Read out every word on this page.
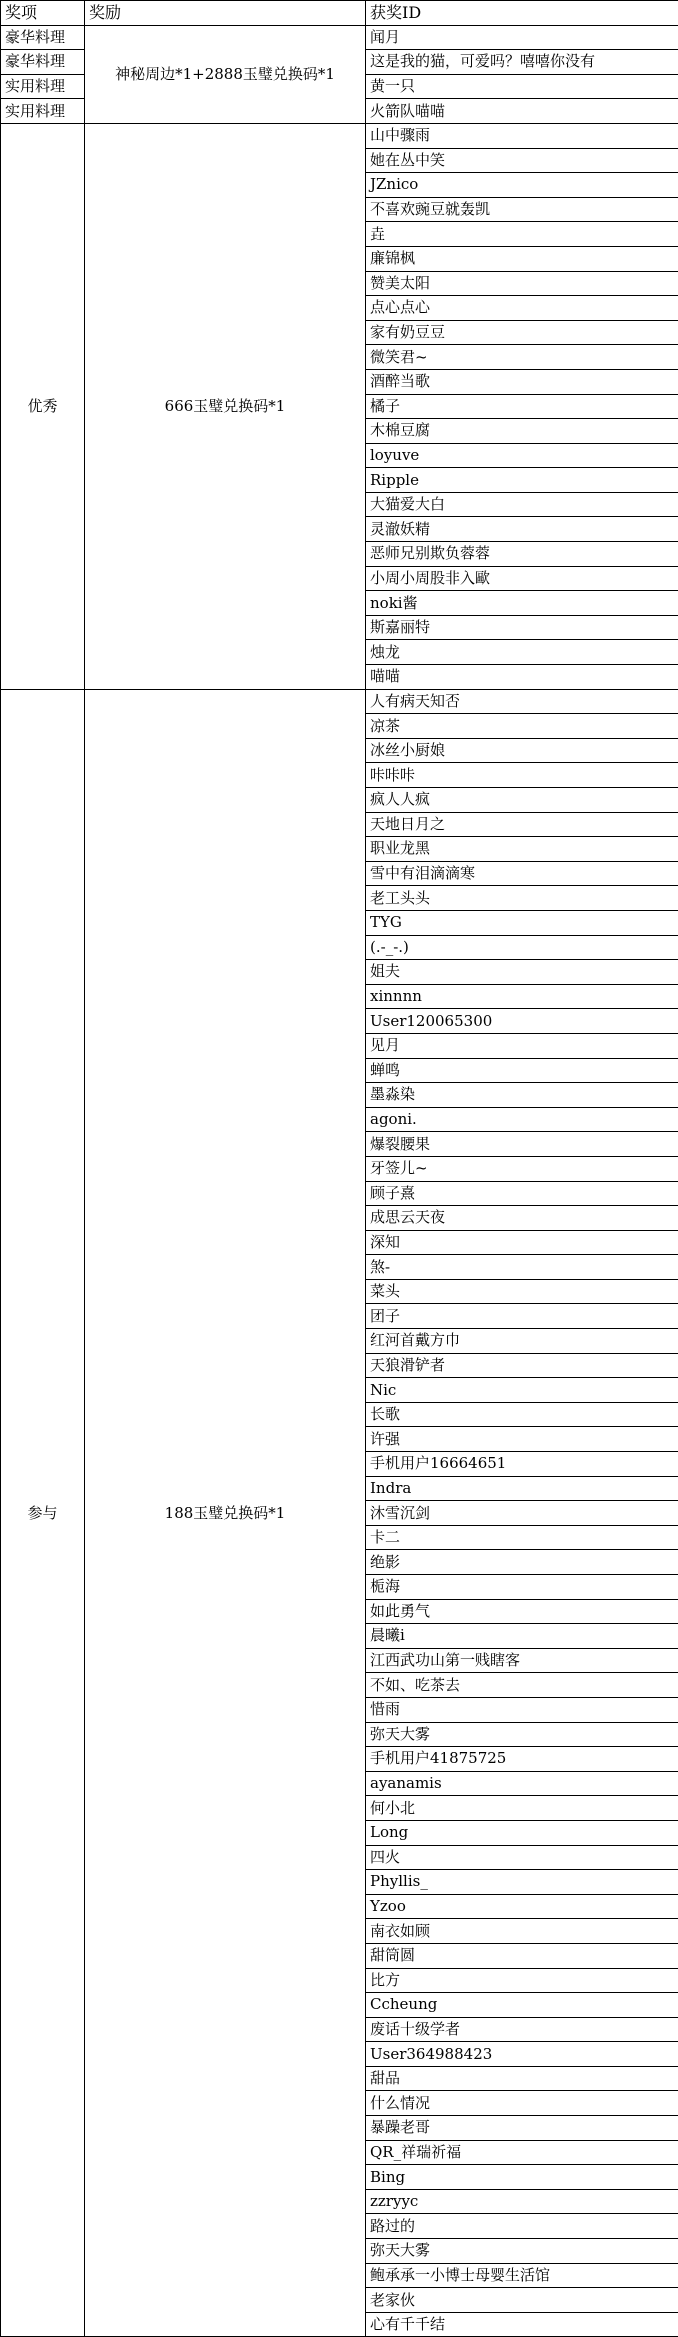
奖项	奖励	获奖ID
豪华料理	神秘周边*1+2888玉璧兑换码*1	闻月
豪华料理		这是我的猫，可爱吗？嘻嘻你没有
实用料理		黄一只
实用料理		火箭队喵喵
优秀	666玉璧兑换码*1	山中骤雨
		她在丛中笑
		JZnico
		不喜欢豌豆就轰凯
		垚
		廉锦枫
		赞美太阳
		点心点心
		家有奶豆豆
		微笑君~
		酒醉当歌
		橘子
		木棉豆腐
		loyuve
		Ripple
		大猫爱大白
		灵澈妖精
		恶师兄别欺负蓉蓉
		小周小周股非入歐
		noki酱
		斯嘉丽特
		烛龙
		喵喵
参与	188玉璧兑换码*1	人有病天知否
		凉茶
		冰丝小厨娘
		咔咔咔
		疯人人疯
		天地日月之
		职业龙黑
		雪中有泪滴滴寒
		老工头头
		TYG
		(.-_-.)
		姐夫
		xinnnn
		User120065300
		见月
		蝉鸣
		墨淼染
		agoni.
		爆裂腰果
		牙签儿~
		顾子熹
		成思云天夜
		深知
		煞-
		菜头
		团子
		红河首戴方巾
		天狼滑铲者
		Nic
		长歌
		许强
		手机用户16664651
		Indra
		沐雪沉剑
		卡二
		绝影
		栀海
		如此勇气
		晨曦i
		江西武功山第一贱瞎客
		不如、吃茶去
		惜雨
		弥天大雾
		手机用户41875725
		ayanamis
		何小北
		Long
		四火
		Phyllis_
		Yzoo
		南衣如顾
		甜筒圆
		比方
		Ccheung
		废话十级学者
		User364988423
		甜品
		什么情况
		暴躁老哥
		QR_祥瑞祈福
		Bing
		zzryyc
		路过的
		弥天大雾
		鲍承承一小博士母婴生活馆
		老家伙
		心有千千结
